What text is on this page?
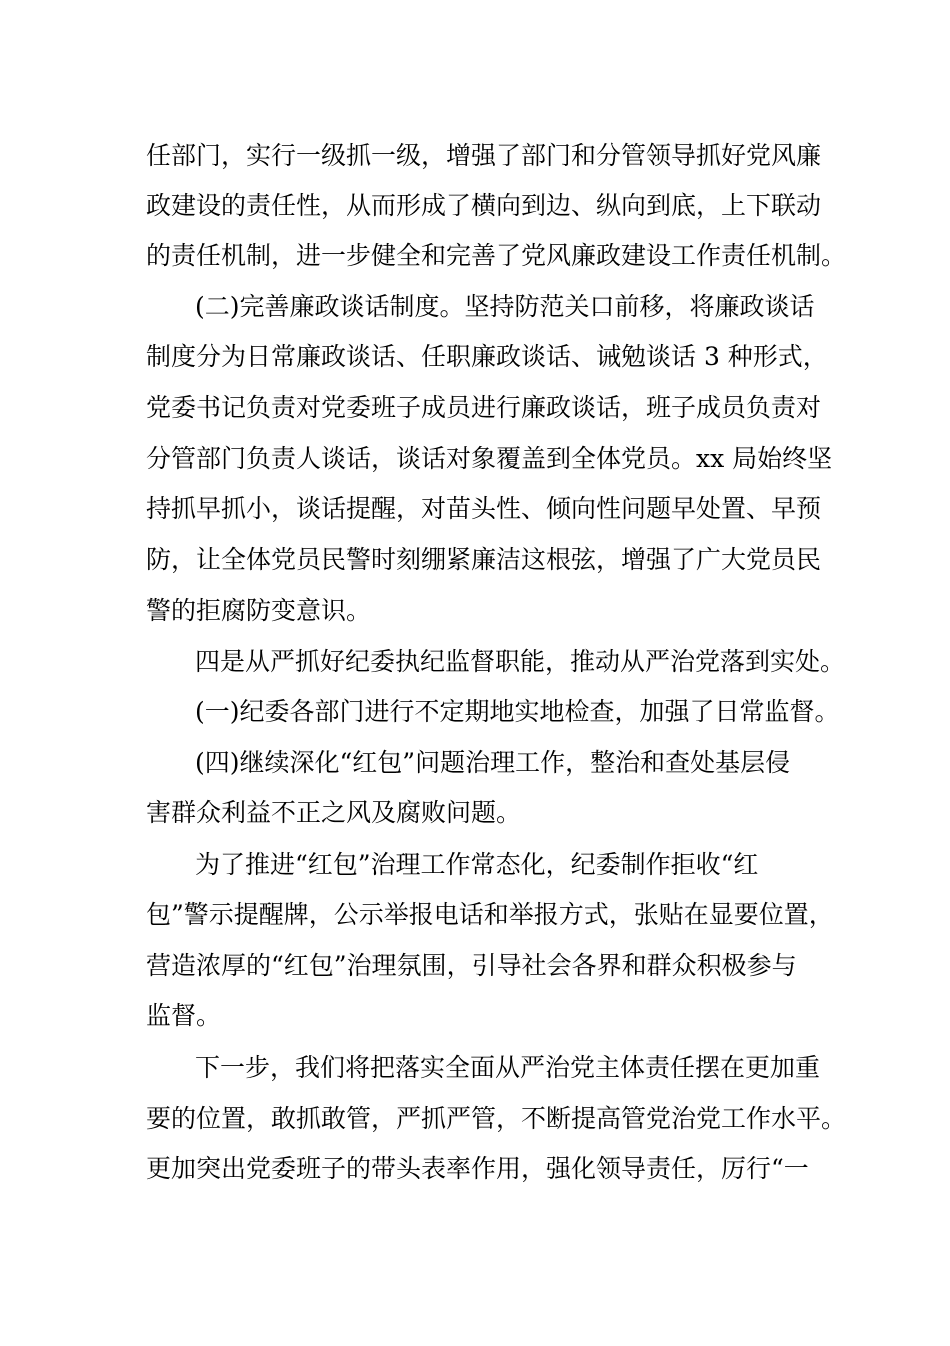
任部门，实行一级抓一级，增强了部门和分管领导抓好党风廉
政建设的责任性，从而形成了横向到边、纵向到底，上下联动
的责任机制，进一步健全和完善了党风廉政建设工作责任机制。
(二)完善廉政谈话制度。坚持防范关口前移，将廉政谈话
制度分为日常廉政谈话、任职廉政谈话、诫勉谈话 3 种形式，
党委书记负责对党委班子成员进行廉政谈话，班子成员负责对
分管部门负责人谈话，谈话对象覆盖到全体党员。xx 局始终坚
持抓早抓小，谈话提醒，对苗头性、倾向性问题早处置、早预
防，让全体党员民警时刻绷紧廉洁这根弦，增强了广大党员民
警的拒腐防变意识。
四是从严抓好纪委执纪监督职能，推动从严治党落到实处。
(一)纪委各部门进行不定期地实地检查，加强了日常监督。
(四)继续深化“红包”问题治理工作，整治和查处基层侵
害群众利益不正之风及腐败问题。
为了推进“红包”治理工作常态化，纪委制作拒收“红
包”警示提醒牌，公示举报电话和举报方式，张贴在显要位置，
营造浓厚的“红包”治理氛围，引导社会各界和群众积极参与
监督。
下一步，我们将把落实全面从严治党主体责任摆在更加重
要的位置，敢抓敢管，严抓严管，不断提高管党治党工作水平。
更加突出党委班子的带头表率作用，强化领导责任，厉行“一
